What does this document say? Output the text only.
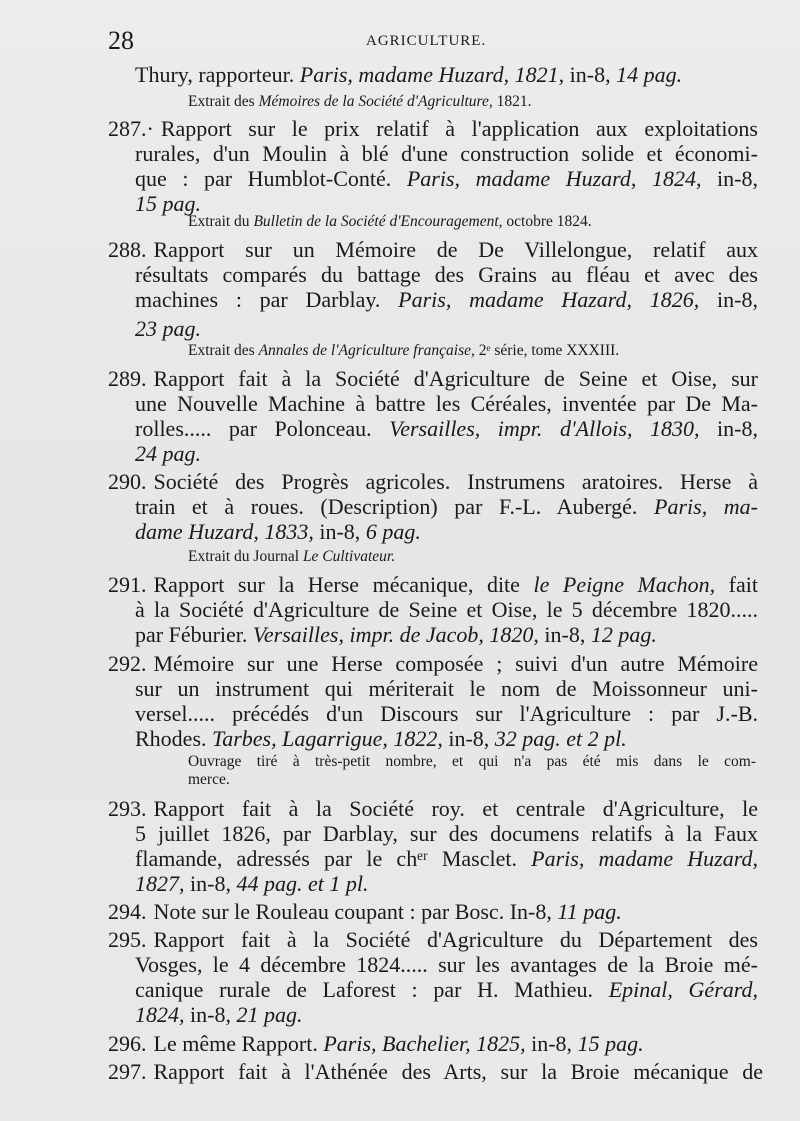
28	AGRICULTURE.
Thury, rapporteur. Paris, madame Huzard, 1821, in-8, 14 pag.
Extrait des Mémoires de la Société d'Agriculture, 1821.
287.· Rapport sur le prix relatif à l'application aux exploitations
rurales, d'un Moulin à blé d'une construction solide et économi-
que : par Humblot-Conté. Paris, madame Huzard, 1824, in-8,
15 pag.
Extrait du Bulletin de la Société d'Encouragement, octobre 1824.
288. Rapport sur un Mémoire de De Villelongue, relatif aux
résultats comparés du battage des Grains au fléau et avec des
machines : par Darblay. Paris, madame Hazard, 1826, in-8,
23 pag.
Extrait des Annales de l'Agriculture française, 2ᵉ série, tome XXXIII.
289. Rapport fait à la Société d'Agriculture de Seine et Oise, sur
une Nouvelle Machine à battre les Céréales, inventée par De Ma-
rolles..... par Polonceau. Versailles, impr. d'Allois, 1830, in-8,
24 pag.
290. Société des Progrès agricoles. Instrumens aratoires. Herse à
train et à roues. (Description) par F.-L. Aubergé. Paris, ma-
dame Huzard, 1833, in-8, 6 pag.
Extrait du Journal Le Cultivateur.
291. Rapport sur la Herse mécanique, dite le Peigne Machon, fait
à la Société d'Agriculture de Seine et Oise, le 5 décembre 1820.....
par Féburier. Versailles, impr. de Jacob, 1820, in-8, 12 pag.
292. Mémoire sur une Herse composée ; suivi d'un autre Mémoire
sur un instrument qui mériterait le nom de Moissonneur uni-
versel..... précédés d'un Discours sur l'Agriculture : par J.-B.
Rhodes. Tarbes, Lagarrigue, 1822, in-8, 32 pag. et 2 pl.
Ouvrage tiré à très-petit nombre, et qui n'a pas été mis dans le com-
merce.
293. Rapport fait à la Société roy. et centrale d'Agriculture, le
5 juillet 1826, par Darblay, sur des documens relatifs à la Faux
flamande, adressés par le chᵉʳ Masclet. Paris, madame Huzard,
1827, in-8, 44 pag. et 1 pl.
294. Note sur le Rouleau coupant : par Bosc. In-8, 11 pag.
295. Rapport fait à la Société d'Agriculture du Département des
Vosges, le 4 décembre 1824..... sur les avantages de la Broie mé-
canique rurale de Laforest : par H. Mathieu. Epinal, Gérard,
1824, in-8, 21 pag.
296. Le même Rapport. Paris, Bachelier, 1825, in-8, 15 pag.
297. Rapport fait à l'Athénée des Arts, sur la Broie mécanique de
